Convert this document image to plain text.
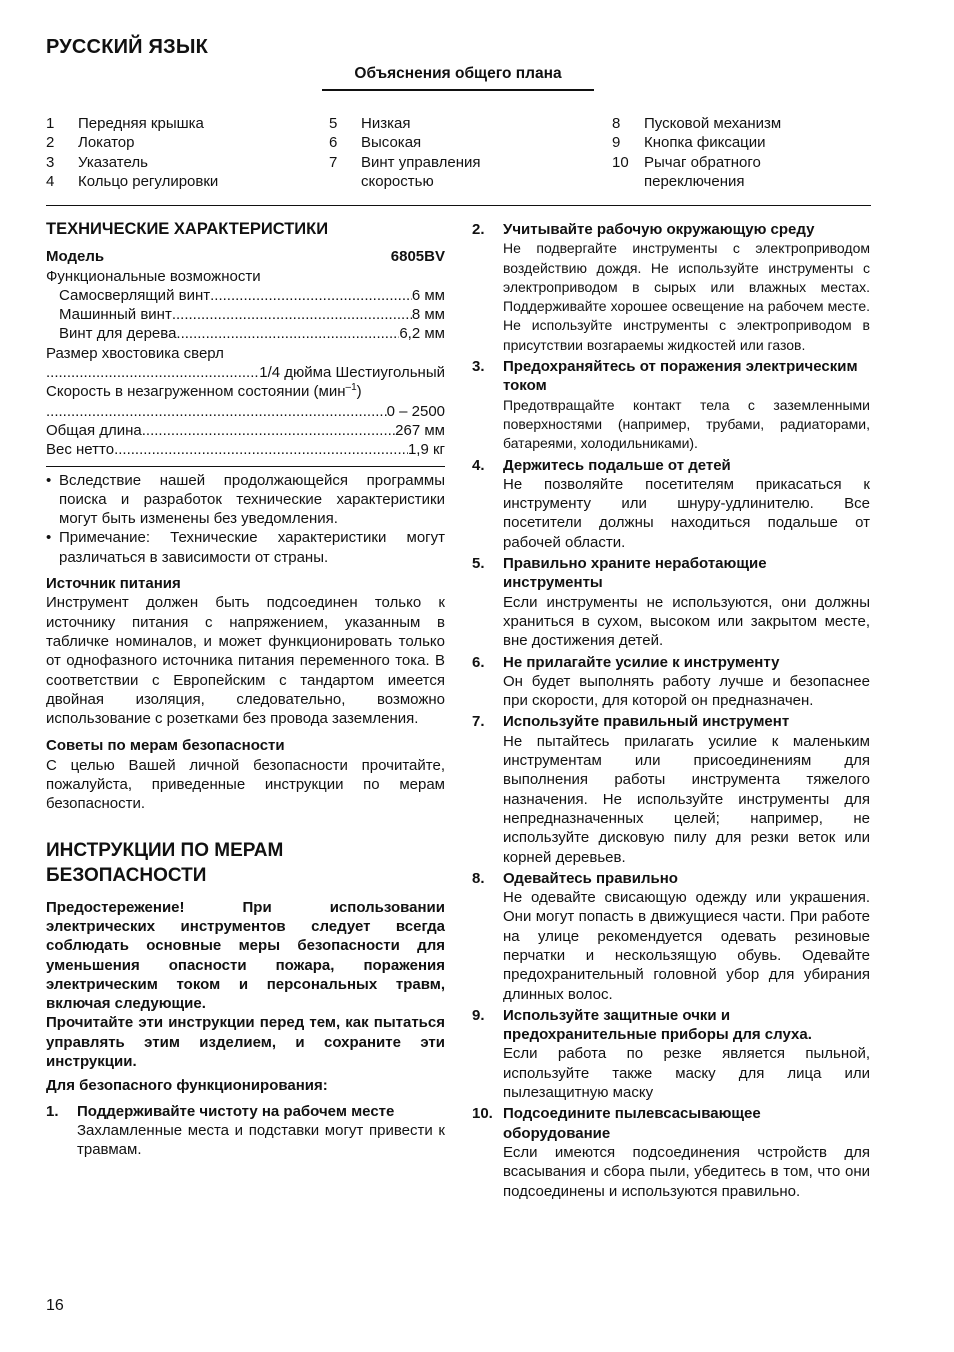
РУССКИЙ ЯЗЫК
Объяснения общего плана
1	Передняя крышка
2	Локатор
3	Указатель
4	Кольцо регулировки
5	Низкая
6	Высокая
7	Винт управления скоростью
8	Пусковой механизм
9	Кнопка фиксации
10	Рычаг обратного переключения
ТЕХНИЧЕСКИЕ ХАРАКТЕРИСТИКИ
Модель	6805BV
Функциональные возможности
Самосверлящий винт .....	6 мм
Машинный винт .....	8 мм
Винт для дерева .....	6,2 мм
Размер хвостовика сверл
.....
1/4 дюйма Шестиугольный
Скорость в незагруженном состоянии (мин$^{-1}$)
.....
0 – 2500
Общая длина .....	267 мм
Вес нетто .....	1,9 кг
• Вследствие нашей продолжающейся программы поиска и разработок технические характеристики могут быть изменены без уведомления.
• Примечание: Технические характеристики могут различаться в зависимости от страны.
Источник питания
Инструмент должен быть подсоединен только к источнику питания с напряжением, указанным в табличке номиналов, и может функционировать только от однофазного источника питания переменного тока. В соответствии с Европейским с тандартом имеется двойная изоляция, следовательно, возможно использование с розетками без провода заземления.
Советы по мерам безопасности
С целью Вашей личной безопасности прочитайте, пожалуйста, приведенные инструкции по мерам безопасности.
ИНСТРУКЦИИ ПО МЕРАМ
БЕЗОПАСНОСТИ
Предостережение! При использовании электрических инструментов следует всегда соблюдать основные меры безопасности для уменьшения опасности пожара, поражения электрическим током и персональных травм, включая следующие.
Прочитайте эти инструкции перед тем, как пытаться управлять этим изделием, и сохраните эти инструкции.
Для безопасного функционирования:
1.	Поддерживайте чистоту на рабочем месте
Захламленные места и подставки могут привести к травмам.
2.	Учитывайте рабочую окружающую среду
Не подвергайте инструменты с электроприводом воздействию дождя. Не используйте инструменты с электроприводом в сырых или влажных местах. Поддерживайте хорошее освещение на рабочем месте. Не используйте инструменты с электроприводом в присутствии возгараемы жидкостей или газов.
3.	Предохраняйтесь от поражения электрическим током
Предотвращайте контакт тела с заземленными поверхностями (например, трубами, радиаторами, батареями, холодильниками).
4.	Держитесь подальше от детей
Не позволяйте посетителям прикасаться к инструменту или шнуру-удлинителю. Все посетители должны находиться подальше от рабочей области.
5.	Правильно храните неработающие инструменты
Если инструменты не используются, они должны храниться в сухом, высоком или закрытом месте, вне достижения детей.
6.	Не прилагайте усилие к инструменту
Он будет выполнять работу лучше и безопаснее при скорости, для которой он предназначен.
7.	Используйте правильный инструмент
Не пытайтесь прилагать усилие к маленьким инструментам или присоединениям для выполнения работы инструмента тяжелого назначения. Не используйте инструменты для непредназначенных целей; например, не используйте дисковую пилу для резки веток или корней деревьев.
8.	Одевайтесь правильно
Не одевайте свисающую одежду или украшения. Они могут попасть в движущиеся части. При работе на улице рекомендуется одевать резиновые перчатки и нескользящую обувь. Одевайте предохранительный головной убор для убирания длинных волос.
9.	Используйте защитные очки и предохранительные приборы для слуха.
Если работа по резке является пыльной, используйте также маску для лица или пылезащитную маску
10. Подсоедините пылевсасывающее оборудование
Если имеются подсоединения чстройств для всасывания и сбора пыли, убедитесь в том, что они подсоединены и используются правильно.
16
